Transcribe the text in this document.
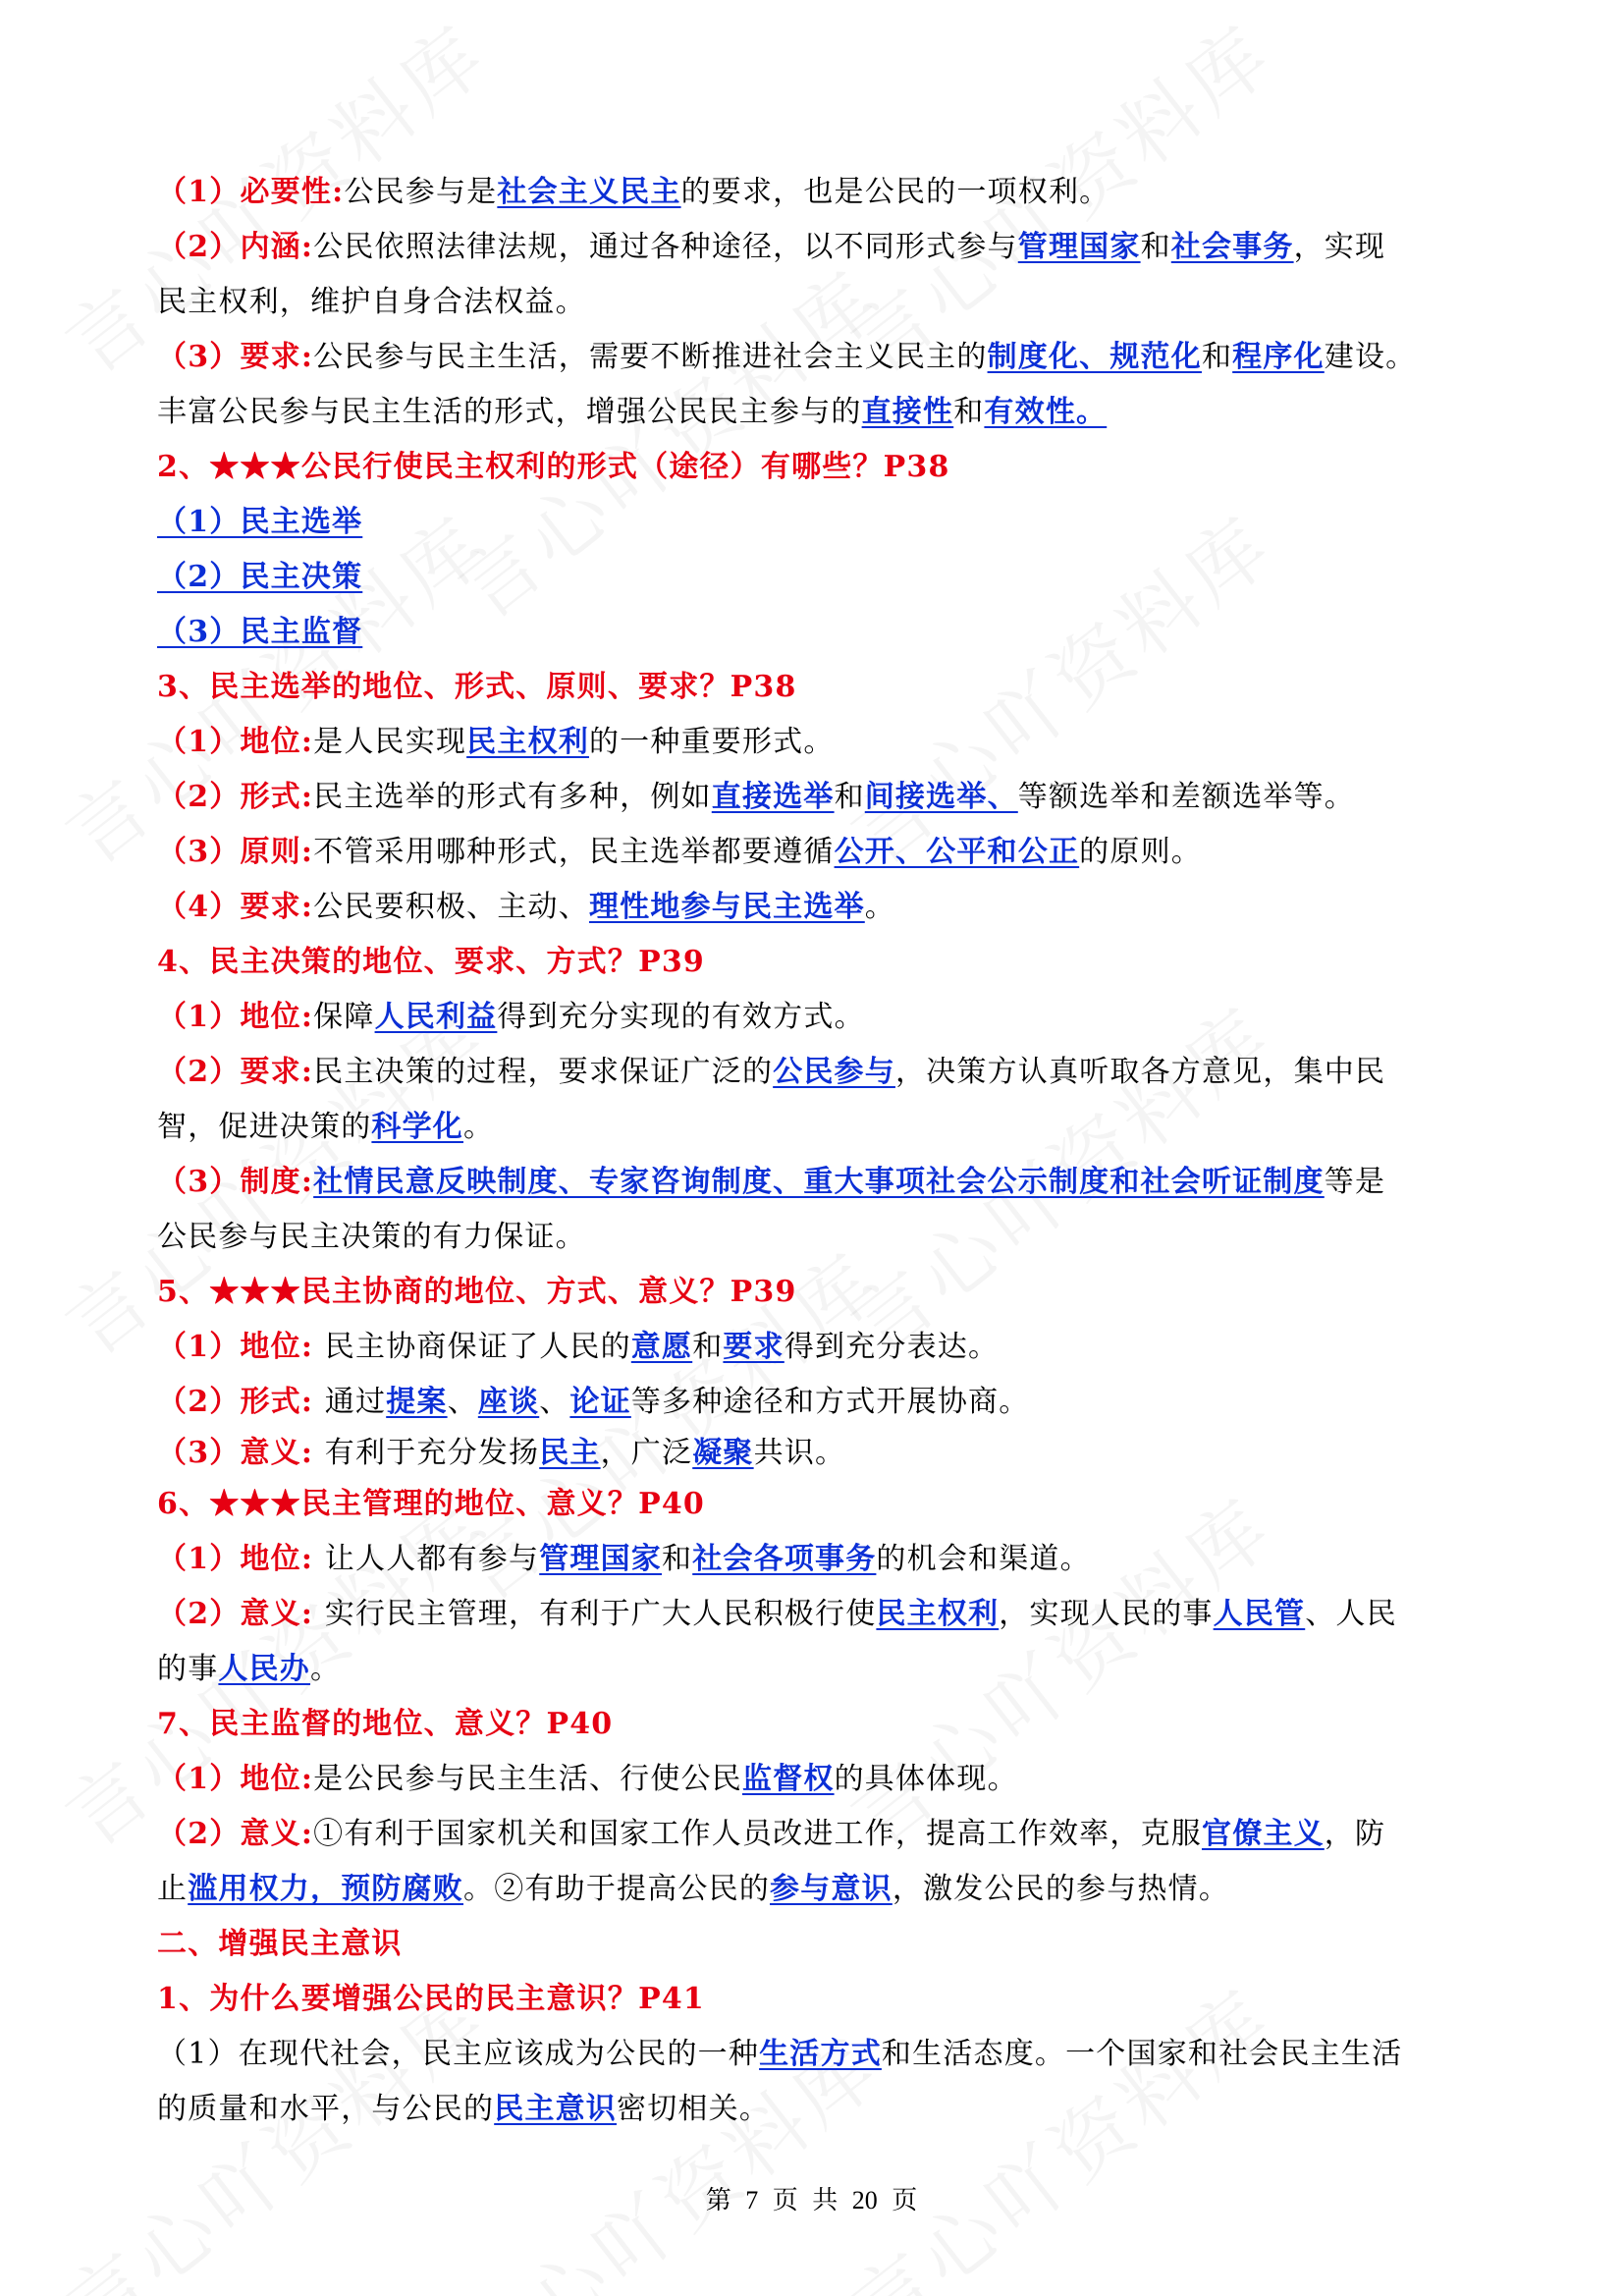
（1）必要性:公民参与是社会主义民主的要求，也是公民的一项权利。
（2）内涵:公民依照法律法规，通过各种途径，以不同形式参与管理国家和社会事务，实现
民主权利，维护自身合法权益。
（3）要求:公民参与民主生活，需要不断推进社会主义民主的制度化、规范化和程序化建设。
丰富公民参与民主生活的形式，增强公民民主参与的直接性和有效性。
2、★★★公民行使民主权利的形式（途径）有哪些？P38
（1）民主选举
（2）民主决策
（3）民主监督
3、民主选举的地位、形式、原则、要求？P38
（1）地位:是人民实现民主权利的一种重要形式。
（2）形式:民主选举的形式有多种，例如直接选举和间接选举、等额选举和差额选举等。
（3）原则:不管采用哪种形式，民主选举都要遵循公开、公平和公正的原则。
（4）要求:公民要积极、主动、理性地参与民主选举。
4、民主决策的地位、要求、方式？P39
（1）地位:保障人民利益得到充分实现的有效方式。
（2）要求:民主决策的过程，要求保证广泛的公民参与，决策方认真听取各方意见，集中民
智，促进决策的科学化。
（3）制度:社情民意反映制度、专家咨询制度、重大事项社会公示制度和社会听证制度等是
公民参与民主决策的有力保证。
5、★★★民主协商的地位、方式、意义？P39
（1）地位: 民主协商保证了人民的意愿和要求得到充分表达。
（2）形式: 通过提案、座谈、论证等多种途径和方式开展协商。
（3）意义: 有利于充分发扬民主，广泛凝聚共识。
6、★★★民主管理的地位、意义？P40
（1）地位: 让人人都有参与管理国家和社会各项事务的机会和渠道。
（2）意义: 实行民主管理，有利于广大人民积极行使民主权利，实现人民的事人民管、人民
的事人民办。
7、民主监督的地位、意义？P40
（1）地位:是公民参与民主生活、行使公民监督权的具体体现。
（2）意义:①有利于国家机关和国家工作人员改进工作，提高工作效率，克服官僚主义，防
止滥用权力，预防腐败。②有助于提高公民的参与意识，激发公民的参与热情。
二、增强民主意识
1、为什么要增强公民的民主意识？P41
（1）在现代社会，民主应该成为公民的一种生活方式和生活态度。一个国家和社会民主生活
的质量和水平，与公民的民主意识密切相关。
第 7 页 共 20 页
